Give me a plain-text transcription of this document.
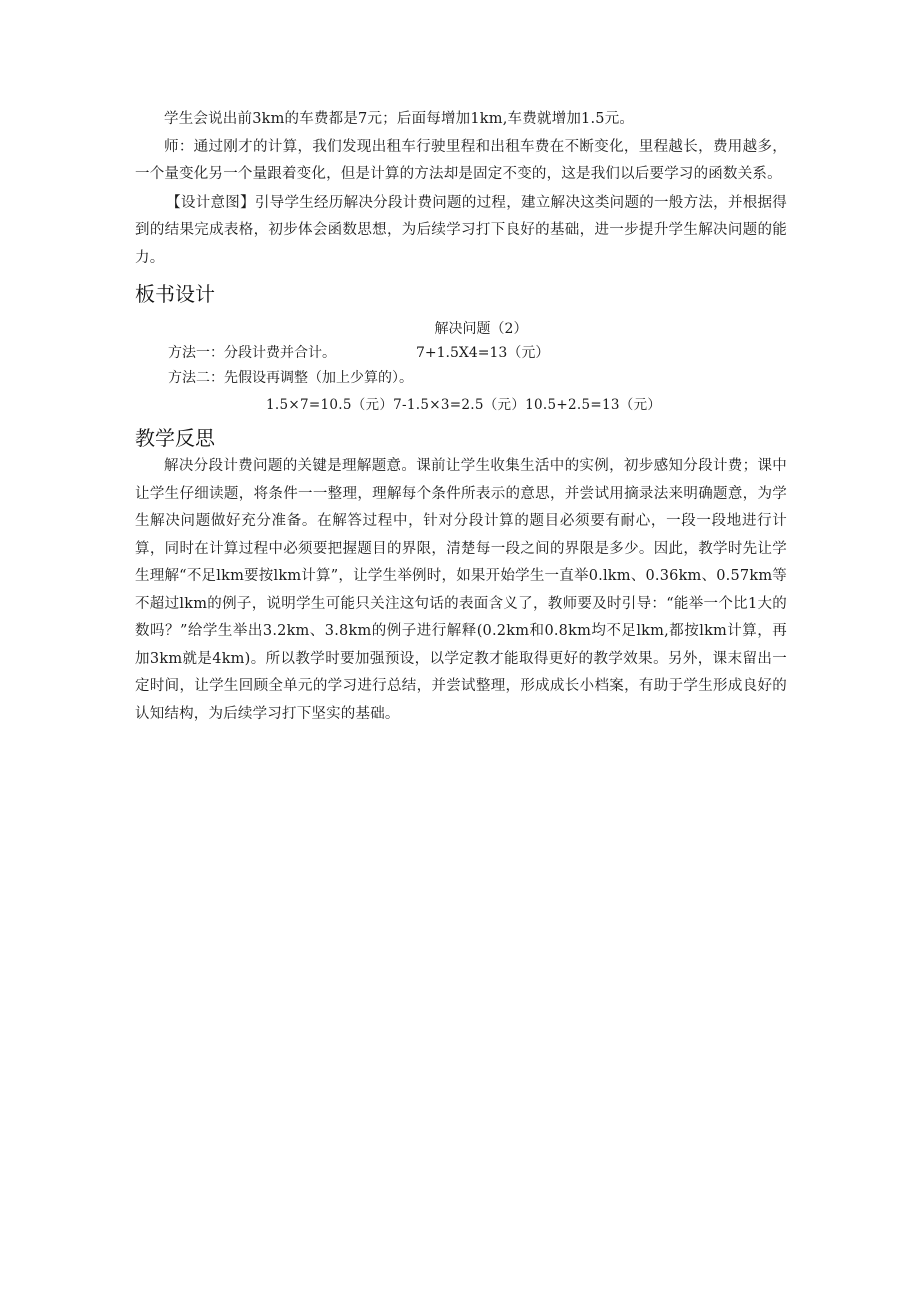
学生会说出前3km的车费都是7元；后面每增加1km,车费就增加1.5元。

师：通过刚才的计算，我们发现出租车行驶里程和出租车费在不断变化，里程越长，费用越多，一个量变化另一个量跟着变化，但是计算的方法却是固定不变的，这是我们以后要学习的函数关系。

【设计意图】引导学生经历解决分段计费问题的过程，建立解决这类问题的一般方法，并根据得到的结果完成表格，初步体会函数思想，为后续学习打下良好的基础，进一步提升学生解决问题的能力。

板书设计
解决问题（2）
方法一：分段计费并合计。	7+1.5X4=13（元）
方法二：先假设再调整（加上少算的）。
1.5×7=10.5（元）7-1.5×3=2.5（元）10.5+2.5=13（元）
教学反思

解决分段计费问题的关键是理解题意。课前让学生收集生活中的实例，初步感知分段计费；课中让学生仔细读题，将条件一一整理，理解每个条件所表示的意思，并尝试用摘录法来明确题意，为学生解决问题做好充分准备。在解答过程中，针对分段计算的题目必须要有耐心，一段一段地进行计算，同时在计算过程中必须要把握题目的界限，清楚每一段之间的界限是多少。因此，教学时先让学生理解“不足lkm要按lkm计算”，让学生举例时，如果开始学生一直举0.lkm、0.36km、0.57km等不超过lkm的例子，说明学生可能只关注这句话的表面含义了，教师要及时引导：“能举一个比1大的数吗？”给学生举出3.2km、3.8km的例子进行解释(0.2km和0.8km均不足lkm,都按lkm计算，再加3km就是4km)。所以教学时要加强预设，以学定教才能取得更好的教学效果。另外，课末留出一定时间，让学生回顾全单元的学习进行总结，并尝试整理，形成成长小档案，有助于学生形成良好的认知结构，为后续学习打下坚实的基础。
